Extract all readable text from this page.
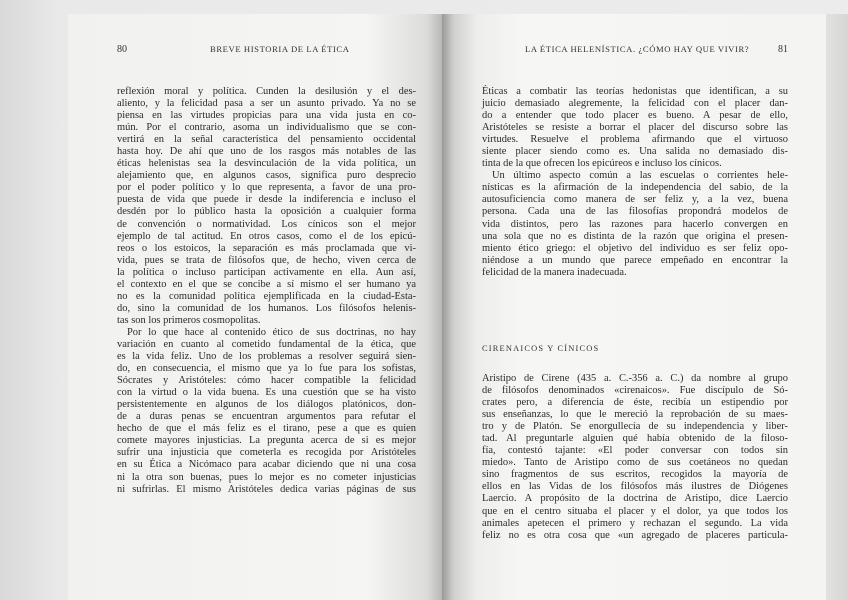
80	BREVE HISTORIA DE LA ÉTICA	LA ÉTICA HELENÍSTICA. ¿CÓMO HAY QUE VIVIR?	81
reflexión moral y política. Cunden la desilusión y el des-
aliento, y la felicidad pasa a ser un asunto privado. Ya no se
piensa en las virtudes propicias para una vida justa en co-
mún. Por el contrario, asoma un individualismo que se con-
vertirá en la señal característica del pensamiento occidental
hasta hoy. De ahí que uno de los rasgos más notables de las
éticas helenistas sea la desvinculación de la vida política, un
alejamiento que, en algunos casos, significa puro desprecio
por el poder político y lo que representa, a favor de una pro-
puesta de vida que puede ir desde la indiferencia e incluso el
desdén por lo público hasta la oposición a cualquier forma
de convención o normatividad. Los cínicos son el mejor
ejemplo de tal actitud. En otros casos, como el de los epicú-
reos o los estoicos, la separación es más proclamada que vi-
vida, pues se trata de filósofos que, de hecho, viven cerca de
la política o incluso participan activamente en ella. Aun así,
el contexto en el que se concibe a sí mismo el ser humano ya
no es la comunidad política ejemplificada en la ciudad-Esta-
do, sino la comunidad de los humanos. Los filósofos helenis-
tas son los primeros cosmopolitas.
Por lo que hace al contenido ético de sus doctrinas, no hay
variación en cuanto al cometido fundamental de la ética, que
es la vida feliz. Uno de los problemas a resolver seguirá sien-
do, en consecuencia, el mismo que ya lo fue para los sofistas,
Sócrates y Aristóteles: cómo hacer compatible la felicidad
con la virtud o la vida buena. Es una cuestión que se ha visto
persistentemente en algunos de los diálogos platónicos, don-
de a duras penas se encuentran argumentos para refutar el
hecho de que el más feliz es el tirano, pese a que es quien
comete mayores injusticias. La pregunta acerca de si es mejor
sufrir una injusticia que cometerla es recogida por Aristóteles
en su Ética a Nicómaco para acabar diciendo que ni una cosa
ni la otra son buenas, pues lo mejor es no cometer injusticias
ni sufrirlas. El mismo Aristóteles dedica varias páginas de sus
Éticas a combatir las teorías hedonistas que identifican, a su
juicio demasiado alegremente, la felicidad con el placer dan-
do a entender que todo placer es bueno. A pesar de ello,
Aristóteles se resiste a borrar el placer del discurso sobre las
virtudes. Resuelve el problema afirmando que el virtuoso
siente placer siendo como es. Una salida no demasiado dis-
tinta de la que ofrecen los epicúreos e incluso los cínicos.
Un último aspecto común a las escuelas o corrientes hele-
nísticas es la afirmación de la independencia del sabio, de la
autosuficiencia como manera de ser feliz y, a la vez, buena
persona. Cada una de las filosofías propondrá modelos de
vida distintos, pero las razones para hacerlo convergen en
una sola que no es distinta de la razón que origina el presen-
miento ético griego: el objetivo del individuo es ser feliz opo-
niéndose a un mundo que parece empeñado en encontrar la
felicidad de la manera inadecuada.
CIRENAICOS Y CÍNICOS
Aristipo de Cirene (435 a. C.-356 a. C.) da nombre al grupo
de filósofos denominados «cirenaicos». Fue discípulo de Só-
crates pero, a diferencia de éste, recibía un estipendio por
sus enseñanzas, lo que le mereció la reprobación de su maes-
tro y de Platón. Se enorgullecía de su independencia y liber-
tad. Al preguntarle alguien qué había obtenido de la filoso-
fía, contestó tajante: «El poder conversar con todos sin
miedo». Tanto de Aristipo como de sus coetáneos no quedan
sino fragmentos de sus escritos, recogidos la mayoría de
ellos en las Vidas de los filósofos más ilustres de Diógenes
Laercio. A propósito de la doctrina de Aristipo, dice Laercio
que en el centro situaba el placer y el dolor, ya que todos los
animales apetecen el primero y rechazan el segundo. La vida
feliz no es otra cosa que «un agregado de placeres particula-
